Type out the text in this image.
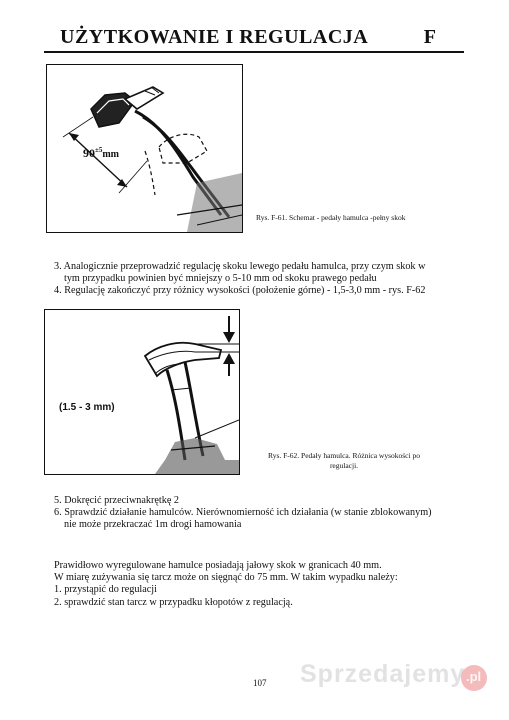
UŻYTKOWANIE I REGULACJA	F
$90^{\pm 5}_{mm}$
Rys. F-61. Schemat - pedały hamulca -pełny skok
3. Analogicznie przeprowadzić regulację skoku lewego pedału hamulca, przy czym skok w
tym przypadku powinien być mniejszy o 5-10 mm od skoku prawego pedału
4. Regulację zakończyć przy różnicy wysokości (położenie górne) - 1,5-3,0 mm - rys. F-62
(1.5 - 3 mm)
Rys. F-62. Pedały hamulca. Różnica wysokości po
regulacji.
5. Dokręcić przeciwnakrętkę 2
6. Sprawdzić działanie hamulców. Nierównomierność ich działania (w stanie zblokowanym)
nie może przekraczać 1m drogi hamowania
Prawidłowo wyregulowane hamulce posiadają jałowy skok w granicach 40 mm.
W miarę zużywania się tarcz może on sięgnąć do 75 mm. W takim wypadku należy:
1. przystąpić do regulacji
2. sprawdzić stan tarcz w przypadku kłopotów z regulacją.
107 Sprzedajemy .pl
